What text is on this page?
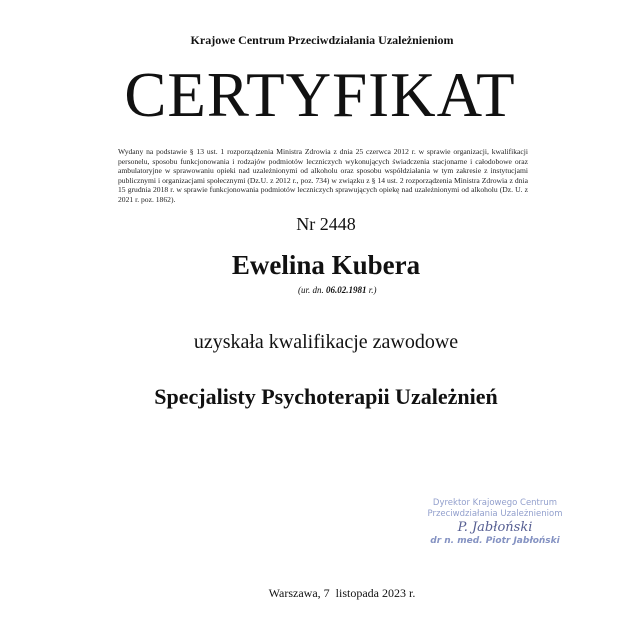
Krajowe Centrum Przeciwdziałania Uzależnieniom
CERTYFIKAT
Wydany na podstawie § 13 ust. 1 rozporządzenia Ministra Zdrowia z dnia 25 czerwca 2012 r. w sprawie organizacji, kwalifikacji personelu, sposobu funkcjonowania i rodzajów podmiotów leczniczych wykonujących świadczenia stacjonarne i całodobowe oraz ambulatoryjne w sprawowaniu opieki nad uzależnionymi od alkoholu oraz sposobu współdziałania w tym zakresie z instytucjami publicznymi i organizacjami społecznymi (Dz.U. z 2012 r., poz. 734) w związku z § 14 ust. 2 rozporządzenia Ministra Zdrowia z dnia 15 grudnia 2018 r. w sprawie funkcjonowania podmiotów leczniczych sprawujących opiekę nad uzależnionymi od alkoholu (Dz. U. z 2021 r. poz. 1862).
Nr 2448
Ewelina Kubera
(ur. dn. 06.02.1981 r.)
uzyskała kwalifikacje zawodowe
Specjalisty Psychoterapii Uzależnień
Dyrektor Krajowego Centrum
Przeciwdziałania Uzależnieniom
P. Jabłoński
dr n. med. Piotr Jabłoński
Warszawa, 7  listopada 2023 r.
